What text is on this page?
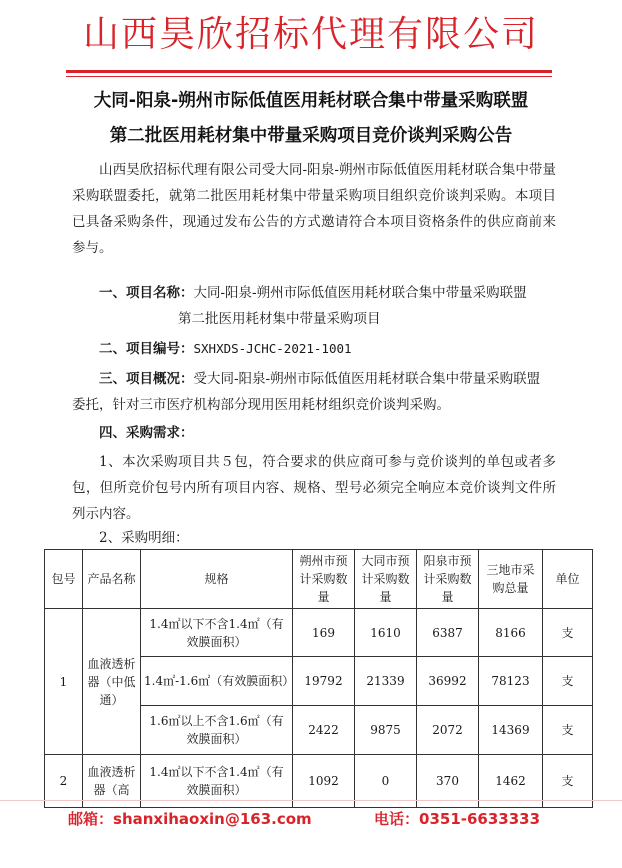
山西昊欣招标代理有限公司
大同-阳泉-朔州市际低值医用耗材联合集中带量采购联盟
第二批医用耗材集中带量采购项目竞价谈判采购公告

山西昊欣招标代理有限公司受大同-阳泉-朔州市际低值医用耗材联合集中带量采购联盟委托，就第二批医用耗材集中带量采购项目组织竞价谈判采购。本项目已具备采购条件，现通过发布公告的方式邀请符合本项目资格条件的供应商前来参与。

一、项目名称：大同-阳泉-朔州市际低值医用耗材联合集中带量采购联盟
第二批医用耗材集中带量采购项目
二、项目编号：SXHXDS-JCHC-2021-1001
三、项目概况：受大同-阳泉-朔州市际低值医用耗材联合集中带量采购联盟
委托，针对三市医疗机构部分现用医用耗材组织竞价谈判采购。
四、采购需求：

1、本次采购项目共５包，符合要求的供应商可参与竞价谈判的单包或者多包，但所竞价包号内所有项目内容、规格、型号必须完全响应本竞价谈判文件所列示内容。

2、采购明细：
包号	产品名称	规格	朔州市预计采购数量	大同市预计采购数量	阳泉市预计采购数量	三地市采购总量	单位
1	血液透析器（中低通）	1.4㎡以下不含1.4㎡（有效膜面积）	169	1610	6387	8166	支
		1.4㎡-1.6㎡（有效膜面积）	19792	21339	36992	78123	支
		1.6㎡以上不含1.6㎡（有效膜面积）	2422	9875	2072	14369	支
2	血液透析器（高	1.4㎡以下不含1.4㎡（有效膜面积）	1092	0	370	1462	支
邮箱：shanxihaoxin@163.com	电话：0351-6633333
